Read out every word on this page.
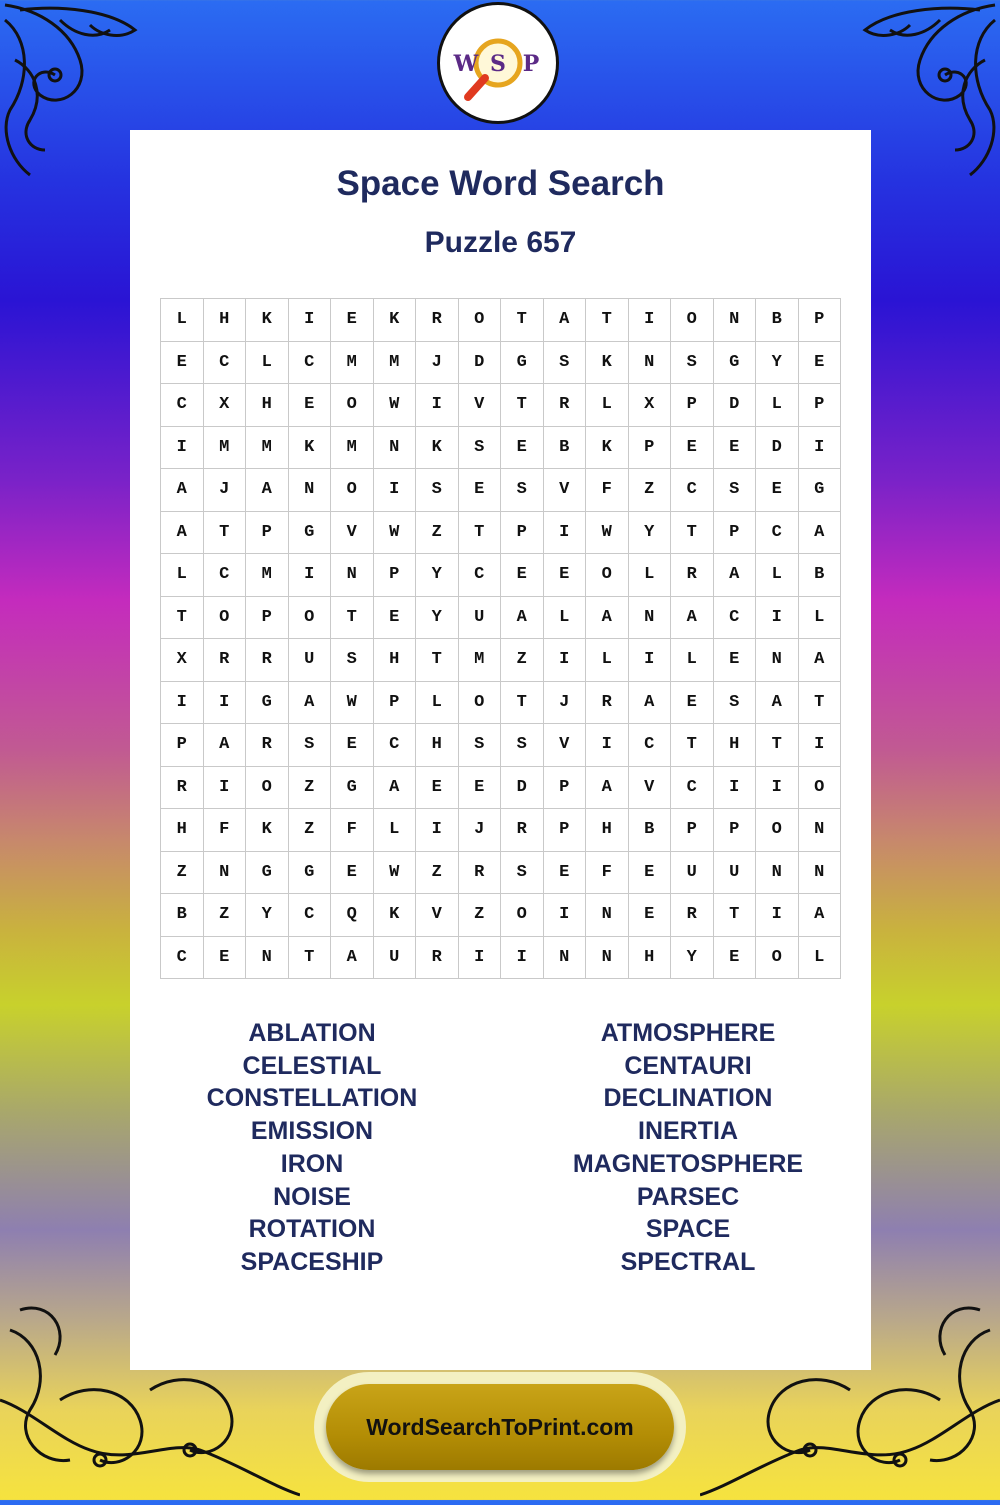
W S P
Space Word Search
Puzzle 657
L	H	K	I	E	K	R	O	T	A	T	I	O	N	B	P
E	C	L	C	M	M	J	D	G	S	K	N	S	G	Y	E
C	X	H	E	O	W	I	V	T	R	L	X	P	D	L	P
I	M	M	K	M	N	K	S	E	B	K	P	E	E	D	I
A	J	A	N	O	I	S	E	S	V	F	Z	C	S	E	G
A	T	P	G	V	W	Z	T	P	I	W	Y	T	P	C	A
L	C	M	I	N	P	Y	C	E	E	O	L	R	A	L	B
T	O	P	O	T	E	Y	U	A	L	A	N	A	C	I	L
X	R	R	U	S	H	T	M	Z	I	L	I	L	E	N	A
I	I	G	A	W	P	L	O	T	J	R	A	E	S	A	T
P	A	R	S	E	C	H	S	S	V	I	C	T	H	T	I
R	I	O	Z	G	A	E	E	D	P	A	V	C	I	I	O
H	F	K	Z	F	L	I	J	R	P	H	B	P	P	O	N
Z	N	G	G	E	W	Z	R	S	E	F	E	U	U	N	N
B	Z	Y	C	Q	K	V	Z	O	I	N	E	R	T	I	A
C	E	N	T	A	U	R	I	I	N	N	H	Y	E	O	L
ABLATION
CELESTIAL
CONSTELLATION
EMISSION
IRON
NOISE
ROTATION
SPACESHIP
ATMOSPHERE
CENTAURI
DECLINATION
INERTIA
MAGNETOSPHERE
PARSEC
SPACE
SPECTRAL
WordSearchToPrint.com
